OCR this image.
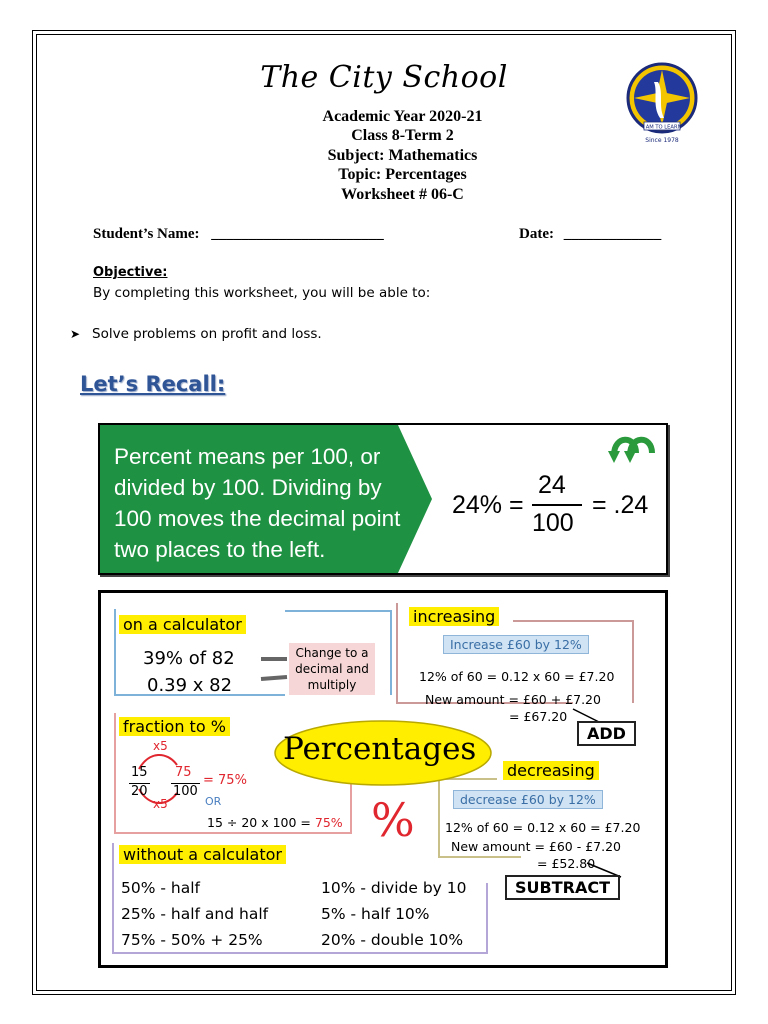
The City School
I AM TO LEARN
Since 1978
Academic Year 2020-21
Class 8-Term 2
Subject: Mathematics
Topic: Percentages
Worksheet # 06-C
Student’s Name: _______________________	Date: _____________
Objective:
By completing this worksheet, you will be able to:
➤ Solve problems on profit and loss.
Let’s Recall:
Percent means per 100, or
divided by 100. Dividing by
100 moves the decimal point
two places to the left.
24% =
24
100
= .24
on a calculator
39% of 82
0.39 x 82
Change to a
decimal and
multiply
fraction to %
x5
x5
15
20
75
100
= 75%
OR
15 ÷ 20 x 100 = 75%
Percentages
%
increasing
Increase £60 by 12%
12% of 60 = 0.12 x 60 = £7.20
New amount = £60 + £7.20
= £67.20
ADD
decreasing
decrease £60 by 12%
12% of 60 = 0.12 x 60 = £7.20
New amount = £60 - £7.20
= £52.80
SUBTRACT
without a calculator
50% - half
25% - half and half
75% - 50% + 25%
10% - divide by 10
5% - half 10%
20% - double 10%
